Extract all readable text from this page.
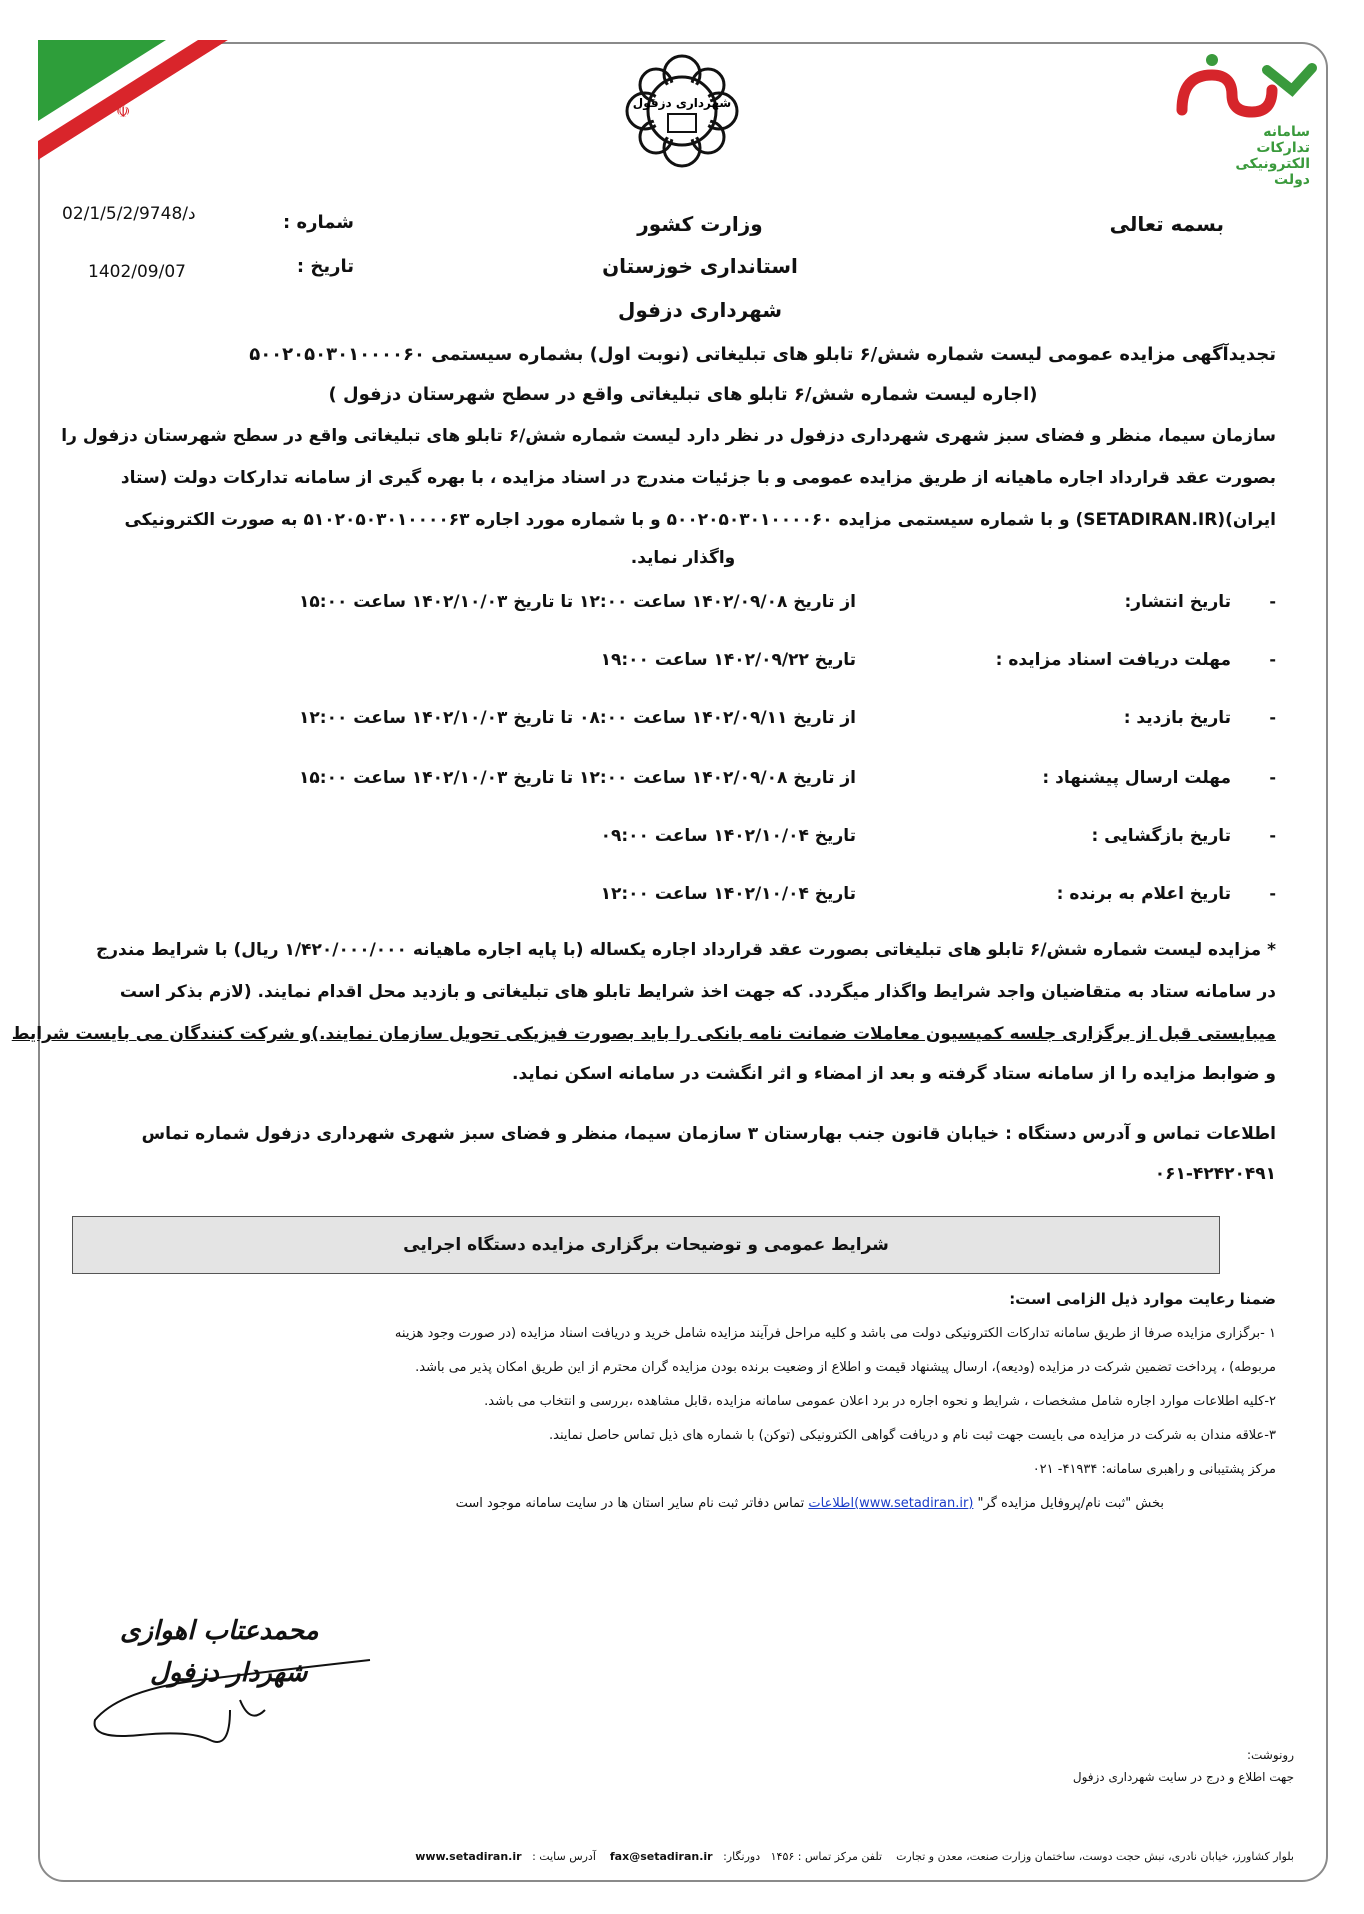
☫	شهرداری دزفول
سامانه
تدارکات
الکترونیکی
دولت
بسمه تعالی
وزارت کشور
استانداری خوزستان
شهرداری دزفول
شماره :
02/1/5/2/9748/د
تاریخ :
1402/09/07
تجدیدآگهی مزایده عمومی لیست شماره شش/۶ تابلو های تبلیغاتی (نوبت اول) بشماره سیستمی ۵۰۰۲۰۵۰۳۰۱۰۰۰۰۶۰
(اجاره لیست شماره شش/۶ تابلو های تبلیغاتی واقع در سطح شهرستان دزفول )
سازمان سیما، منظر و فضای سبز شهری شهرداری دزفول در نظر دارد لیست شماره شش/۶ تابلو های تبلیغاتی واقع در سطح شهرستان دزفول را
بصورت عقد قرارداد اجاره ماهیانه از طریق مزایده عمومی و با جزئیات مندرج در اسناد مزایده ، با بهره گیری از سامانه تدارکات دولت (ستاد
ایران)(SETADIRAN.IR) و با شماره سیستمی مزایده ۵۰۰۲۰۵۰۳۰۱۰۰۰۰۶۰ و با شماره مورد اجاره ۵۱۰۲۰۵۰۳۰۱۰۰۰۰۶۳ به صورت الکترونیکی
واگذار نماید.
-
تاریخ انتشار:
از تاریخ ۱۴۰۲/۰۹/۰۸ ساعت ۱۲:۰۰ تا تاریخ ۱۴۰۲/۱۰/۰۳ ساعت ۱۵:۰۰
-
مهلت دریافت اسناد مزایده :
تاریخ ۱۴۰۲/۰۹/۲۲ ساعت ۱۹:۰۰
-
تاریخ بازدید :
از تاریخ ۱۴۰۲/۰۹/۱۱ ساعت ۰۸:۰۰ تا تاریخ ۱۴۰۲/۱۰/۰۳ ساعت ۱۲:۰۰
-
مهلت ارسال پیشنهاد :
از تاریخ ۱۴۰۲/۰۹/۰۸ ساعت ۱۲:۰۰ تا تاریخ ۱۴۰۲/۱۰/۰۳ ساعت ۱۵:۰۰
-
تاریخ بازگشایی :
تاریخ ۱۴۰۲/۱۰/۰۴ ساعت ۰۹:۰۰
-
تاریخ اعلام به برنده :
تاریخ ۱۴۰۲/۱۰/۰۴ ساعت ۱۲:۰۰
* مزایده لیست شماره شش/۶ تابلو های تبلیغاتی بصورت عقد قرارداد اجاره یکساله (با پایه اجاره ماهیانه ۱/۴۲۰/۰۰۰/۰۰۰ ریال) با شرایط مندرج
در سامانه ستاد به متقاضیان واجد شرایط واگذار میگردد. که جهت اخذ شرایط تابلو های تبلیغاتی و بازدید محل اقدام نمایند. (لازم بذکر است
میبایستی قبل از برگزاری جلسه کمیسیون معاملات ضمانت نامه بانکی را باید بصورت فیزیکی تحویل سازمان نمایند.)و شرکت کنندگان می بایست شرایط
و ضوابط مزایده را از سامانه ستاد گرفته و بعد از امضاء و اثر انگشت در سامانه اسکن نماید.
اطلاعات تماس و آدرس دستگاه : خیابان قانون جنب بهارستان ۳ سازمان سیما، منظر و فضای سبز شهری شهرداری دزفول شماره تماس
۰۶۱-۴۲۴۲۰۴۹۱
شرایط عمومی و توضیحات برگزاری مزایده دستگاه اجرایی
ضمنا رعایت موارد ذیل الزامی است:
۱ -برگزاری مزایده صرفا از طریق سامانه تدارکات الکترونیکی دولت می باشد و کلیه مراحل فرآیند مزایده شامل خرید و دریافت اسناد مزایده (در صورت وجود هزینه
مربوطه) ، پرداخت تضمین شرکت در مزایده (ودیعه)، ارسال پیشنهاد قیمت و اطلاع از وضعیت برنده بودن مزایده گران محترم از این طریق امکان پذیر می باشد.
۲-کلیه اطلاعات موارد اجاره شامل مشخصات ، شرایط و نحوه اجاره در برد اعلان عمومی سامانه مزایده ،قابل مشاهده ،بررسی و انتخاب می باشد.
۳-علاقه مندان به شرکت در مزایده می بایست جهت ثبت نام و دریافت گواهی الکترونیکی (توکن) با شماره های ذیل تماس حاصل نمایند.
مرکز پشتیبانی و راهبری سامانه: ۴۱۹۳۴- ۰۲۱
بخش "ثبت نام/پروفایل مزایده گر" (www.setadiran.ir)اطلاعات تماس دفاتر ثبت نام سایر استان ها در سایت سامانه موجود است
محمدعتاب اهوازی
شهردار دزفول
رونوشت:
جهت اطلاع و درج در سایت شهرداری دزفول
بلوار کشاورز، خیابان نادری، نبش حجت دوست، ساختمان وزارت صنعت، معدن و تجارت    تلفن مرکز تماس : ۱۴۵۶   دورنگار:   fax@setadiran.ir    آدرس سایت :   www.setadiran.ir
